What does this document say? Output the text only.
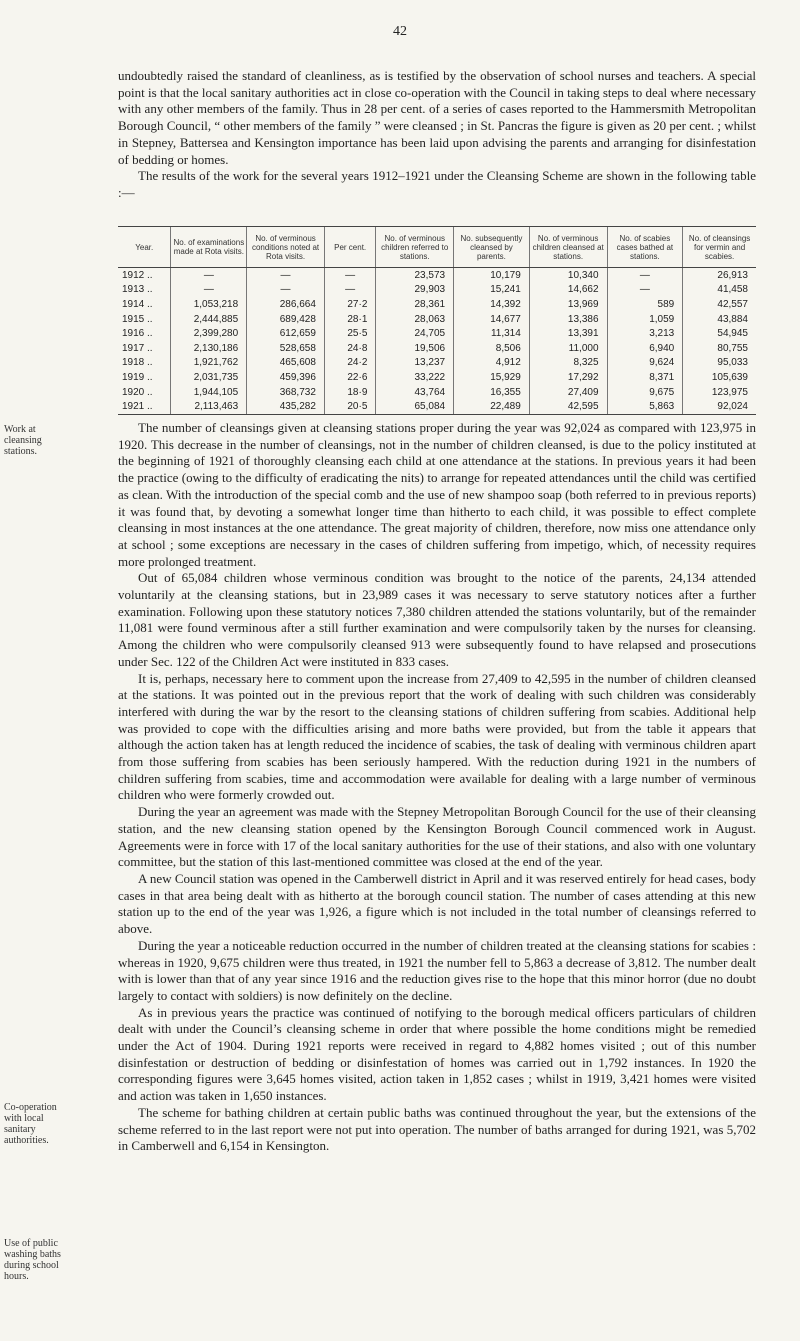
42

undoubtedly raised the standard of cleanliness, as is testified by the observation of school nurses and teachers. A special point is that the local sanitary authorities act in close co-operation with the Council in taking steps to deal where necessary with any other members of the family. Thus in 28 per cent. of a series of cases reported to the Hammersmith Metropolitan Borough Council, “ other members of the family ” were cleansed ; in St. Pancras the figure is given as 20 per cent. ; whilst in Stepney, Battersea and Kensington importance has been laid upon advising the parents and arranging for disinfestation of bedding or homes.

The results of the work for the several years 1912–1921 under the Cleansing Scheme are shown in the following table :—

Year.	No. of examinations made at Rota visits.	No. of verminous conditions noted at Rota visits.	Per cent.	No. of verminous children referred to stations.	No. subsequently cleansed by parents.	No. of verminous children cleansed at stations.	No. of scabies cases bathed at stations.	No. of cleansings for vermin and scabies.
1912 ..	—	—	—	23,573	10,179	10,340	—	26,913
1913 ..	—	—	—	29,903	15,241	14,662	—	41,458
1914 ..	1,053,218	286,664	27·2	28,361	14,392	13,969	589	42,557
1915 ..	2,444,885	689,428	28·1	28,063	14,677	13,386	1,059	43,884
1916 ..	2,399,280	612,659	25·5	24,705	11,314	13,391	3,213	54,945
1917 ..	2,130,186	528,658	24·8	19,506	8,506	11,000	6,940	80,755
1918 ..	1,921,762	465,608	24·2	13,237	4,912	8,325	9,624	95,033
1919 ..	2,031,735	459,396	22·6	33,222	15,929	17,292	8,371	105,639
1920 ..	1,944,105	368,732	18·9	43,764	16,355	27,409	9,675	123,975
1921 ..	2,113,463	435,282	20·5	65,084	22,489	42,595	5,863	92,024
Work at cleansing stations.
Co-operation with local sanitary authorities.
Use of public washing baths during school hours.

The number of cleansings given at cleansing stations proper during the year was 92,024 as compared with 123,975 in 1920. This decrease in the number of cleansings, not in the number of children cleansed, is due to the policy instituted at the beginning of 1921 of thoroughly cleansing each child at one attendance at the stations. In previous years it had been the practice (owing to the difficulty of eradicating the nits) to arrange for repeated attendances until the child was certified as clean. With the introduction of the special comb and the use of new shampoo soap (both referred to in previous reports) it was found that, by devoting a somewhat longer time than hitherto to each child, it was possible to effect complete cleansing in most instances at the one attendance. The great majority of children, therefore, now miss one attendance only at school ; some exceptions are necessary in the cases of children suffering from impetigo, which, of necessity requires more prolonged treatment.

Out of 65,084 children whose verminous condition was brought to the notice of the parents, 24,134 attended voluntarily at the cleansing stations, but in 23,989 cases it was necessary to serve statutory notices after a further examination. Following upon these statutory notices 7,380 children attended the stations voluntarily, but of the remainder 11,081 were found verminous after a still further examination and were compulsorily taken by the nurses for cleansing. Among the children who were compulsorily cleansed 913 were subsequently found to have relapsed and prosecutions under Sec. 122 of the Children Act were instituted in 833 cases.

It is, perhaps, necessary here to comment upon the increase from 27,409 to 42,595 in the number of children cleansed at the stations. It was pointed out in the previous report that the work of dealing with such children was considerably interfered with during the war by the resort to the cleansing stations of children suffering from scabies. Additional help was provided to cope with the difficulties arising and more baths were provided, but from the table it appears that although the action taken has at length reduced the incidence of scabies, the task of dealing with verminous children apart from those suffering from scabies has been seriously hampered. With the reduction during 1921 in the numbers of children suffering from scabies, time and accommodation were available for dealing with a large number of verminous children who were formerly crowded out.

During the year an agreement was made with the Stepney Metropolitan Borough Council for the use of their cleansing station, and the new cleansing station opened by the Kensington Borough Council commenced work in August. Agreements were in force with 17 of the local sanitary authorities for the use of their stations, and also with one voluntary committee, but the station of this last-mentioned committee was closed at the end of the year.

A new Council station was opened in the Camberwell district in April and it was reserved entirely for head cases, body cases in that area being dealt with as hitherto at the borough council station. The number of cases attending at this new station up to the end of the year was 1,926, a figure which is not included in the total number of cleansings referred to above.

During the year a noticeable reduction occurred in the number of children treated at the cleansing stations for scabies : whereas in 1920, 9,675 children were thus treated, in 1921 the number fell to 5,863 a decrease of 3,812. The number dealt with is lower than that of any year since 1916 and the reduction gives rise to the hope that this minor horror (due no doubt largely to contact with soldiers) is now definitely on the decline.

As in previous years the practice was continued of notifying to the borough medical officers particulars of children dealt with under the Council’s cleansing scheme in order that where possible the home conditions might be remedied under the Act of 1904. During 1921 reports were received in regard to 4,882 homes visited ; out of this number disinfestation or destruction of bedding or disinfestation of homes was carried out in 1,792 instances. In 1920 the corresponding figures were 3,645 homes visited, action taken in 1,852 cases ; whilst in 1919, 3,421 homes were visited and action was taken in 1,650 instances.

The scheme for bathing children at certain public baths was continued throughout the year, but the extensions of the scheme referred to in the last report were not put into operation. The number of baths arranged for during 1921, was 5,702 in Camberwell and 6,154 in Kensington.
